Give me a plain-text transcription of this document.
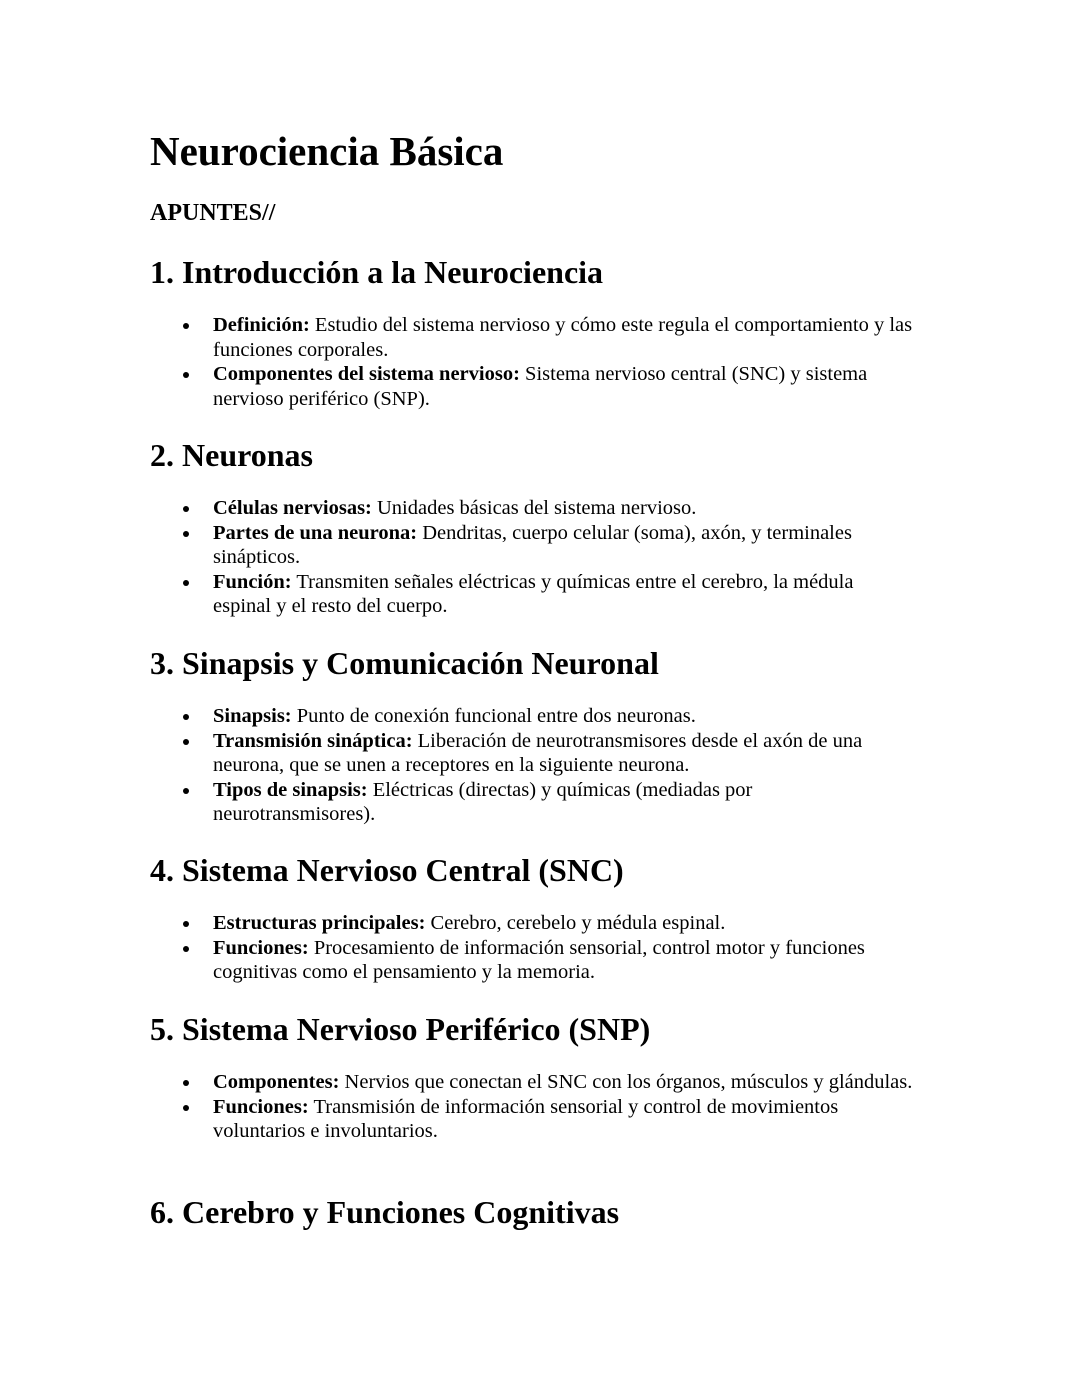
Neurociencia Básica

APUNTES//

1. Introducción a la Neurociencia
Definición: Estudio del sistema nervioso y cómo este regula el comportamiento y las funciones corporales.
Componentes del sistema nervioso: Sistema nervioso central (SNC) y sistema nervioso periférico (SNP).
2. Neuronas
Células nerviosas: Unidades básicas del sistema nervioso.
Partes de una neurona: Dendritas, cuerpo celular (soma), axón, y terminales sinápticos.
Función: Transmiten señales eléctricas y químicas entre el cerebro, la médula espinal y el resto del cuerpo.
3. Sinapsis y Comunicación Neuronal
Sinapsis: Punto de conexión funcional entre dos neuronas.
Transmisión sináptica: Liberación de neurotransmisores desde el axón de una neurona, que se unen a receptores en la siguiente neurona.
Tipos de sinapsis: Eléctricas (directas) y químicas (mediadas por neurotransmisores).
4. Sistema Nervioso Central (SNC)
Estructuras principales: Cerebro, cerebelo y médula espinal.
Funciones: Procesamiento de información sensorial, control motor y funciones cognitivas como el pensamiento y la memoria.
5. Sistema Nervioso Periférico (SNP)
Componentes: Nervios que conectan el SNC con los órganos, músculos y glándulas.
Funciones: Transmisión de información sensorial y control de movimientos voluntarios e involuntarios.
6. Cerebro y Funciones Cognitivas
